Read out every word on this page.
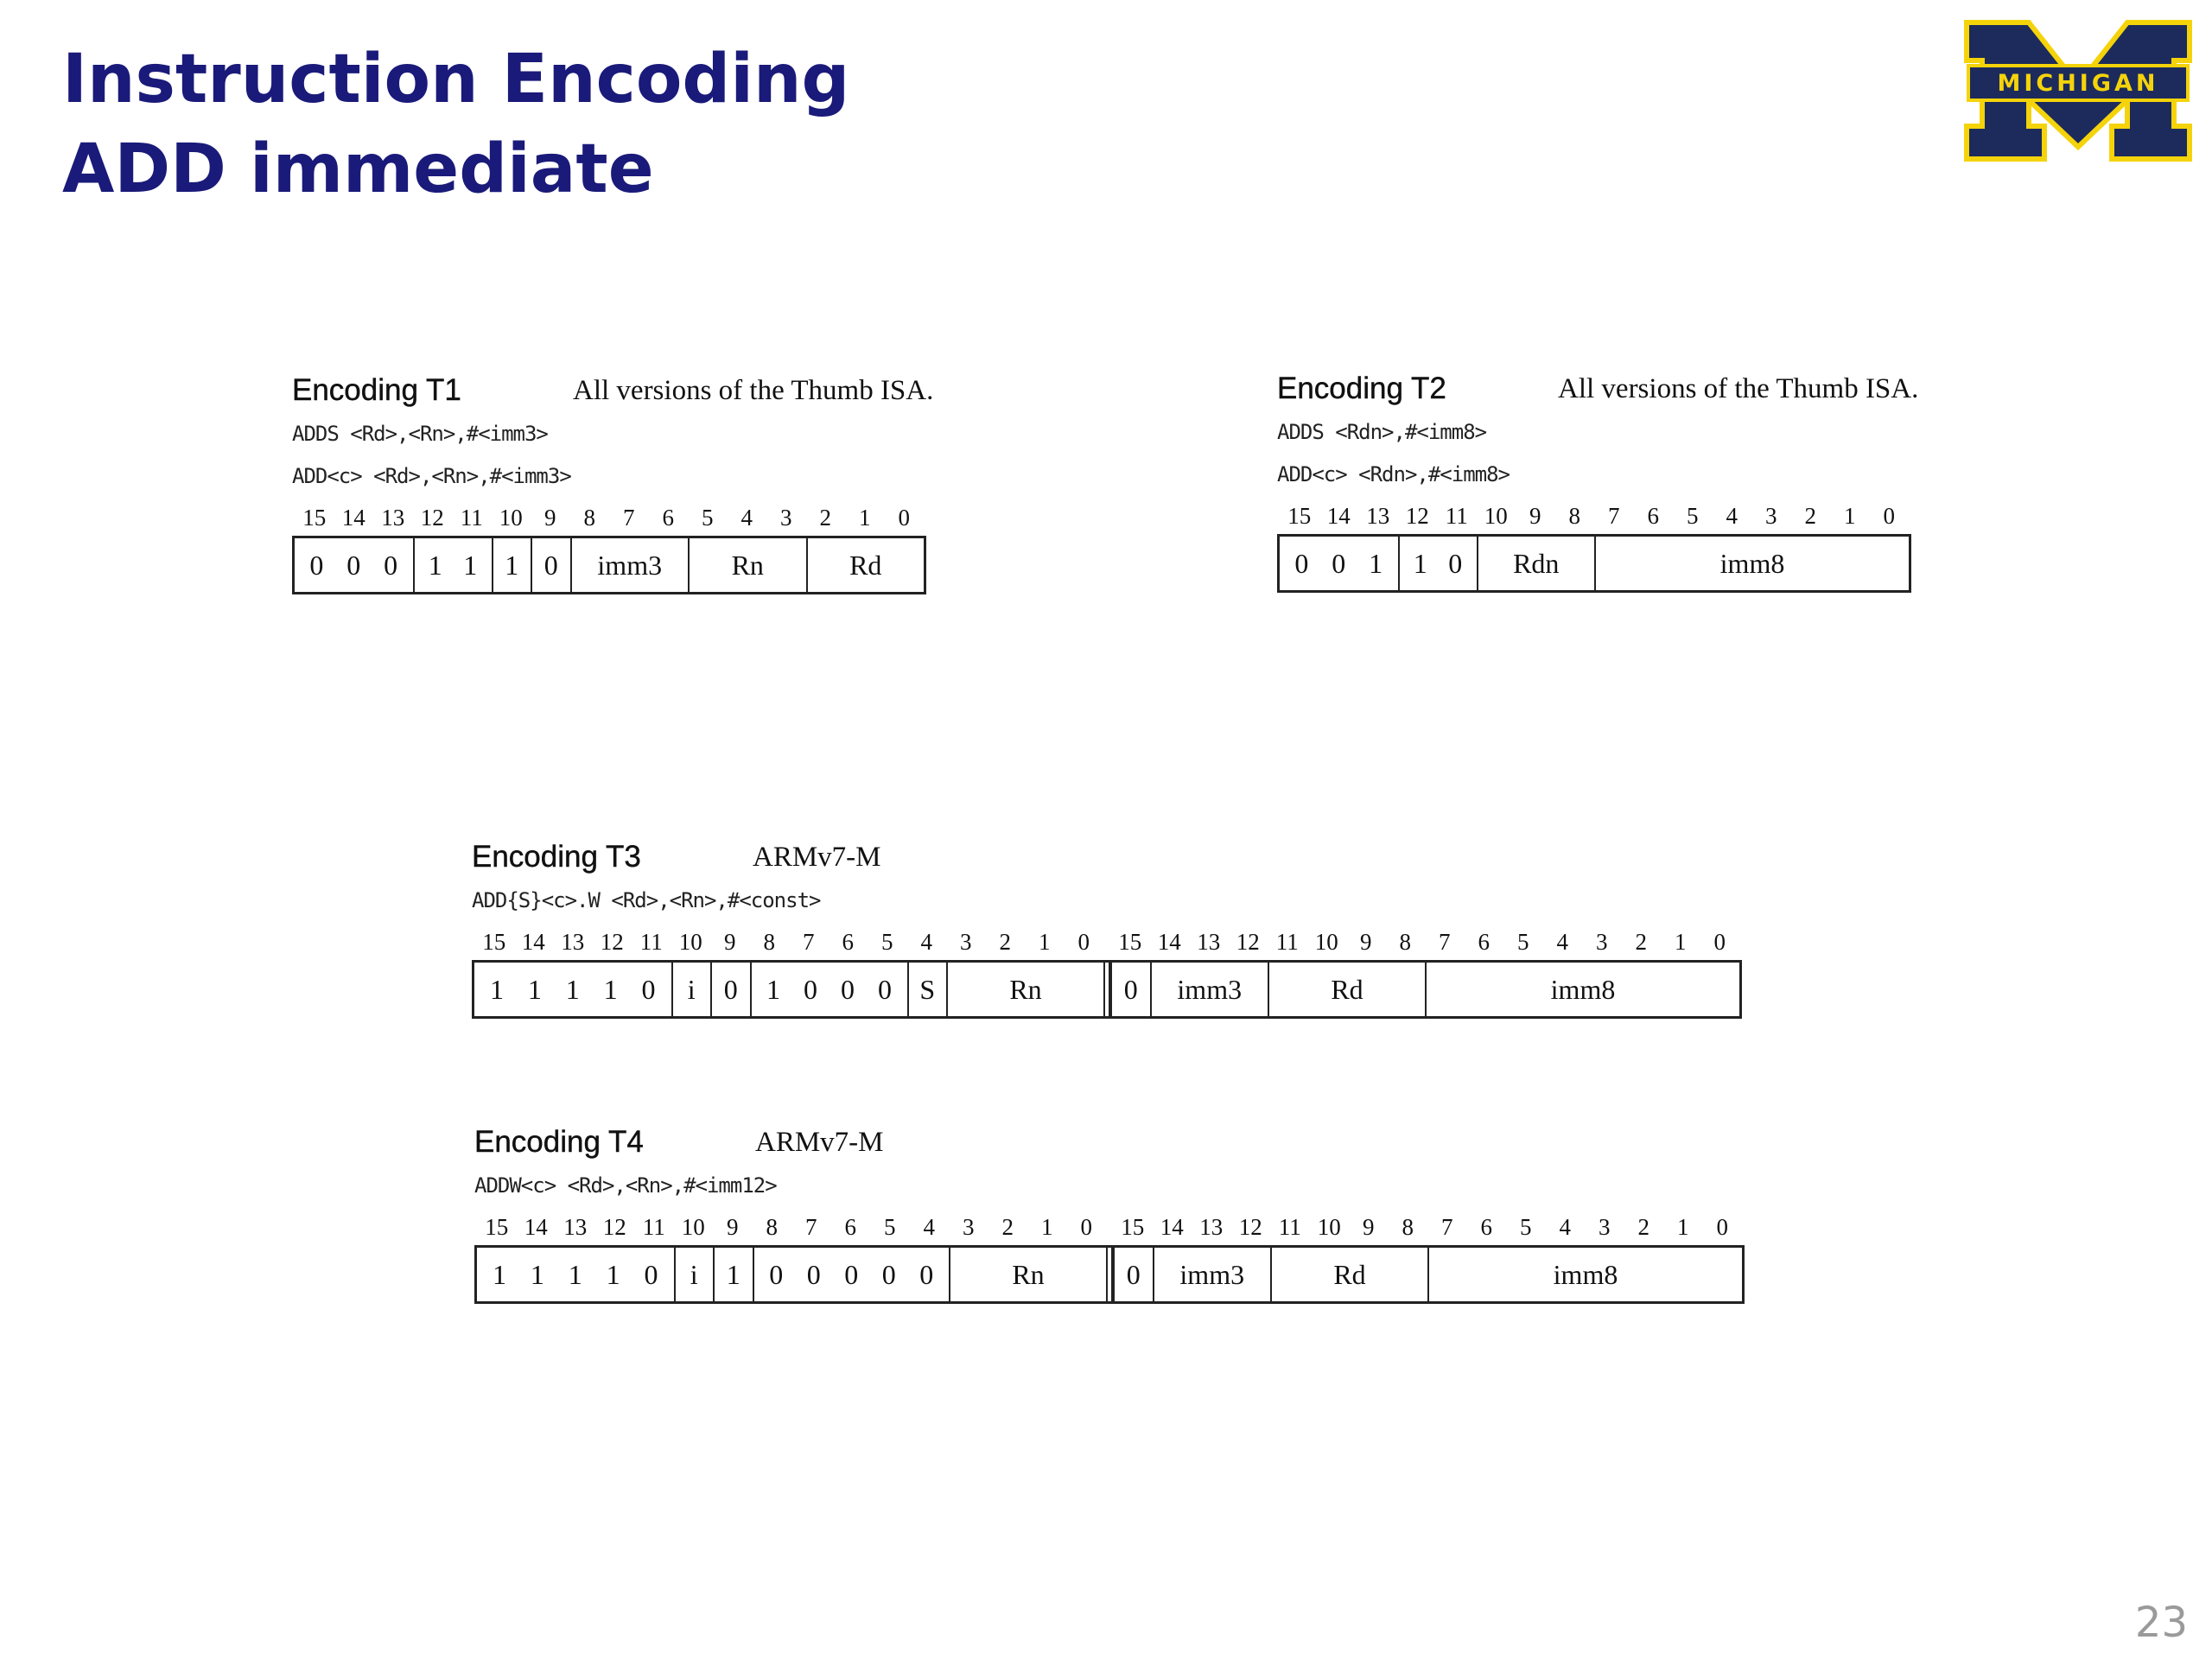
Instruction Encoding
ADD immediate
MICHIGAN
Encoding T1	All versions of the Thumb ISA.
ADDS <Rd>,<Rn>,#<imm3>
ADD<c> <Rd>,<Rn>,#<imm3>
15 14 13 12 11 10 9 8 7 6 5 4 3 2 1 0
0 0 0 1 1 1 0	imm3	Rn	Rd
Encoding T2	All versions of the Thumb ISA.
ADDS <Rdn>,#<imm8>
ADD<c> <Rdn>,#<imm8>
15 14 13 12 11 10 9 8 7 6 5 4 3 2 1 0
0 0 1 1 0	Rdn	imm8
Encoding T3	ARMv7-M
ADD{S}<c>.W <Rd>,<Rn>,#<const>
15 14 13 12 11 10 9 8 7 6 5 4 3 2 1 0 15 14 13 12 11 10 9 8 7 6 5 4 3 2 1 0
1 1 1 1 0 i 0 1 0 0 0 S	Rn	0	imm3	Rd	imm8
Encoding T4	ARMv7-M
ADDW<c> <Rd>,<Rn>,#<imm12>
15 14 13 12 11 10 9 8 7 6 5 4 3 2 1 0 15 14 13 12 11 10 9 8 7 6 5 4 3 2 1 0
1 1 1 1 0 i 1 0 0 0 0 0	Rn	0	imm3	Rd	imm8
23
